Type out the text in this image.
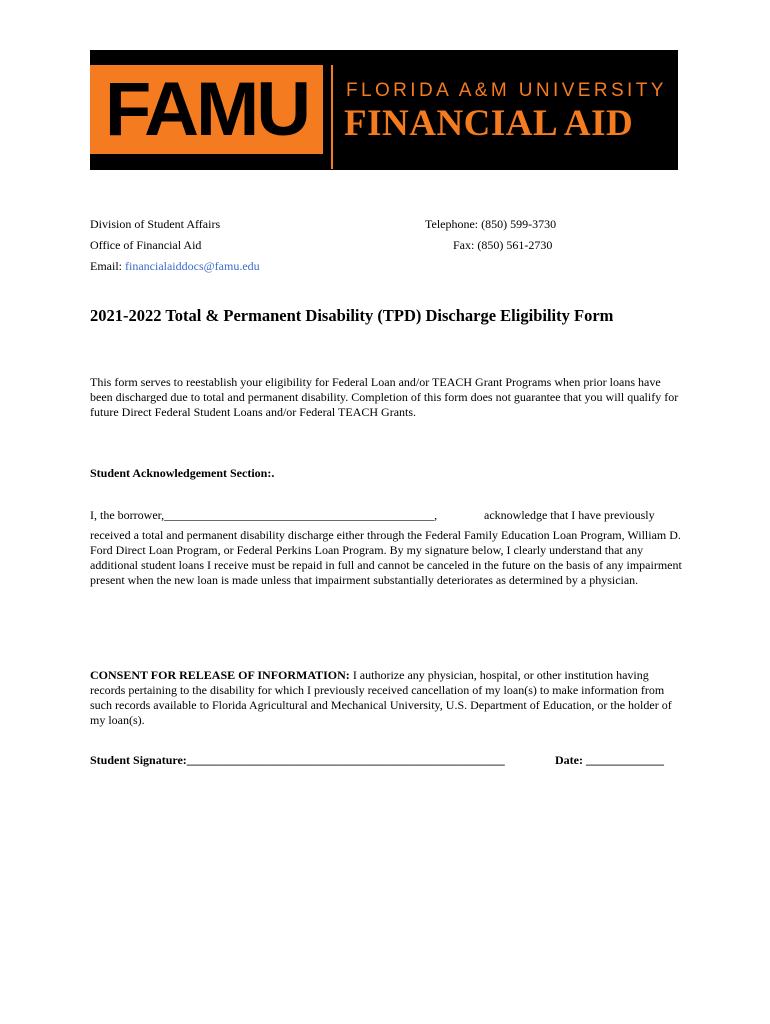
FAMU	FLORIDA A&M UNIVERSITY
FINANCIAL AID
Division of Student Affairs
Office of Financial Aid
Email: financialaiddocs@famu.edu
Telephone: (850) 599-3730
Fax: (850) 561-2730
2021-2022 Total & Permanent Disability (TPD) Discharge Eligibility Form
This form serves to reestablish your eligibility for Federal Loan and/or TEACH Grant Programs when prior loans have been discharged due to total and permanent disability. Completion of this form does not guarantee that you will qualify for future Direct Federal Student Loans and/or Federal TEACH Grants.
Student Acknowledgement Section:.
I, the borrower,_____________________________________________,	acknowledge that I have previously
received a total and permanent disability discharge either through the Federal Family Education Loan Program, William D. Ford Direct Loan Program, or Federal Perkins Loan Program. By my signature below, I clearly understand that any additional student loans I receive must be repaid in full and cannot be canceled in the future on the basis of any impairment present when the new loan is made unless that impairment substantially deteriorates as determined by a physician.
CONSENT FOR RELEASE OF INFORMATION: I authorize any physician, hospital, or other institution having records pertaining to the disability for which I previously received cancellation of my loan(s) to make information from such records available to Florida Agricultural and Mechanical University, U.S. Department of Education, or the holder of my loan(s).
Student Signature:_____________________________________________________	Date: _____________
